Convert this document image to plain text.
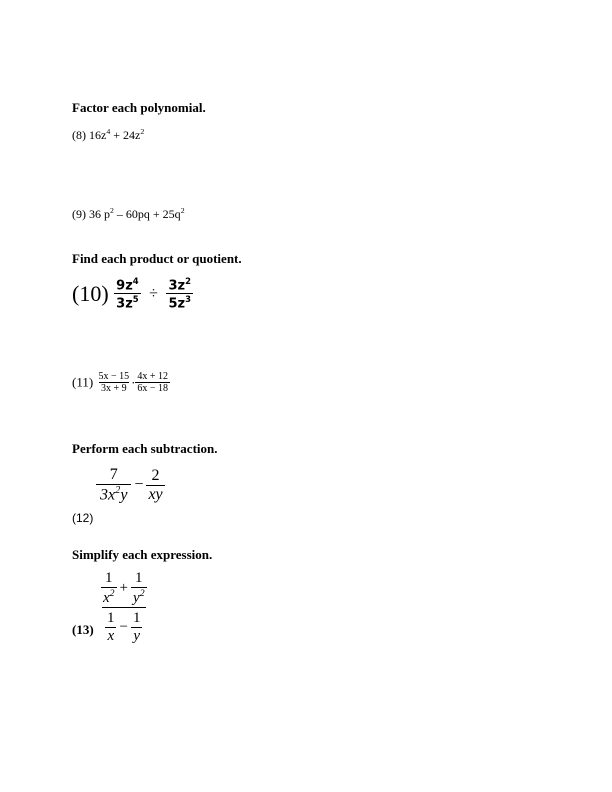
Factor each polynomial.
(8) $16z^4 + 24z^2$
(9) 36 $p^2 - 60pq + 25q^2$
Find each product or quotient.
$(10) \frac{9z^4}{3z^5} \div \frac{3z^2}{5z^3}$
$(11) \frac{5x - 15}{3x + 9} \cdot \frac{4x + 12}{6x - 18}$
Perform each subtraction.
(12)
$\frac{7}{3x^2y} - \frac{2}{xy}$
Simplify each expression.
$(13) \frac{\frac{1}{x^2} + \frac{1}{y^2}}{\frac{1}{x} - \frac{1}{y}}$
